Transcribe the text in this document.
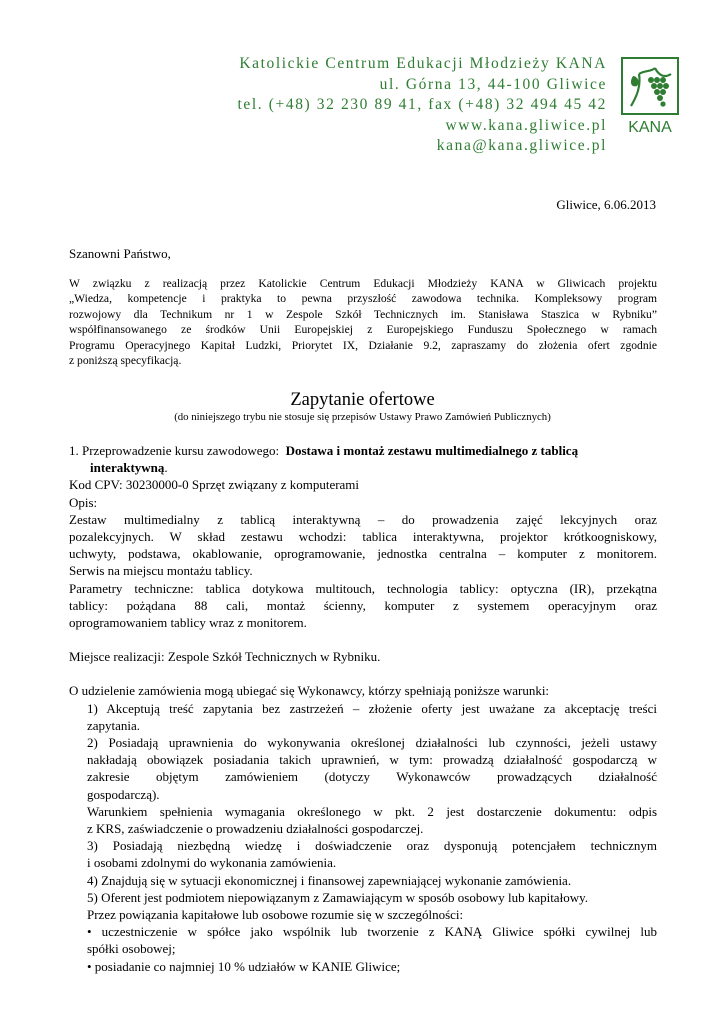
Katolickie Centrum Edukacji Młodzieży KANA
ul. Górna 13, 44-100 Gliwice
tel. (+48) 32 230 89 41, fax (+48) 32 494 45 42
www.kana.gliwice.pl
kana@kana.gliwice.pl
KANA
Gliwice, 6.06.2013
Szanowni Państwo,
W związku z realizacją przez Katolickie Centrum Edukacji Młodzieży KANA w Gliwicach projektu
„Wiedza, kompetencje i praktyka to pewna przyszłość zawodowa technika. Kompleksowy program
rozwojowy dla Technikum nr 1 w Zespole Szkół Technicznych im. Stanisława Staszica w Rybniku”
współfinansowanego ze środków Unii Europejskiej z Europejskiego Funduszu Społecznego w ramach
Programu Operacyjnego Kapitał Ludzki, Priorytet IX, Działanie 9.2, zapraszamy do złożenia ofert zgodnie
z poniższą specyfikacją.
Zapytanie ofertowe
(do niniejszego trybu nie stosuje się przepisów Ustawy Prawo Zamówień Publicznych)
1. Przeprowadzenie kursu zawodowego:  Dostawa i montaż zestawu multimedialnego z tablicą
interaktywną.
Kod CPV: 30230000-0 Sprzęt związany z komputerami
Opis:
Zestaw multimedialny z tablicą interaktywną – do prowadzenia zajęć lekcyjnych oraz
pozalekcyjnych. W skład zestawu wchodzi: tablica interaktywna, projektor krótkoogniskowy,
uchwyty, podstawa, okablowanie, oprogramowanie, jednostka centralna – komputer z monitorem.
Serwis na miejscu montażu tablicy.
Parametry techniczne: tablica dotykowa multitouch, technologia tablicy: optyczna (IR), przekątna
tablicy: pożądana 88 cali, montaż ścienny, komputer z systemem operacyjnym oraz
oprogramowaniem tablicy wraz z monitorem.
Miejsce realizacji: Zespole Szkół Technicznych w Rybniku.
O udzielenie zamówienia mogą ubiegać się Wykonawcy, którzy spełniają poniższe warunki:
1) Akceptują treść zapytania bez zastrzeżeń – złożenie oferty jest uważane za akceptację treści
zapytania.
2) Posiadają uprawnienia do wykonywania określonej działalności lub czynności, jeżeli ustawy
nakładają obowiązek posiadania takich uprawnień, w tym: prowadzą działalność gospodarczą w
zakresie objętym zamówieniem (dotyczy Wykonawców prowadzących działalność
gospodarczą).
Warunkiem spełnienia wymagania określonego w pkt. 2 jest dostarczenie dokumentu: odpis
z KRS, zaświadczenie o prowadzeniu działalności gospodarczej.
3) Posiadają niezbędną wiedzę i doświadczenie oraz dysponują potencjałem technicznym
i osobami zdolnymi do wykonania zamówienia.
4) Znajdują się w sytuacji ekonomicznej i finansowej zapewniającej wykonanie zamówienia.
5) Oferent jest podmiotem niepowiązanym z Zamawiającym w sposób osobowy lub kapitałowy.
Przez powiązania kapitałowe lub osobowe rozumie się w szczególności:
• uczestniczenie w spółce jako wspólnik lub tworzenie z KANĄ Gliwice spółki cywilnej lub
spółki osobowej;
• posiadanie co najmniej 10 % udziałów w KANIE Gliwice;
